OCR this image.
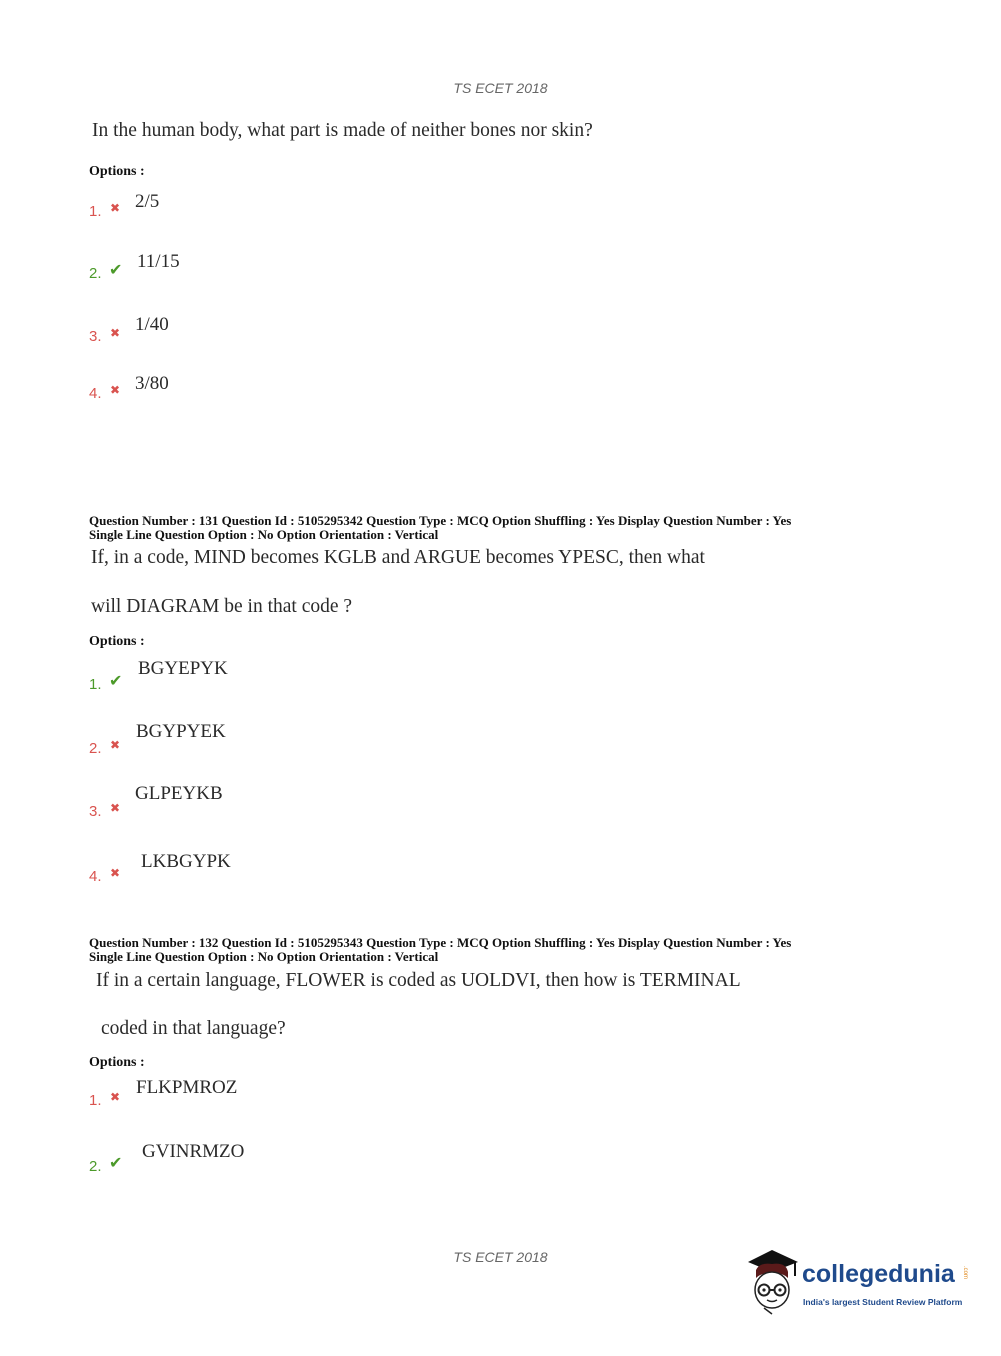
TS ECET 2018
In the human body, what part is made of neither bones nor skin?
Options :
1. ✖ 2/5
2. ✔ 11/15
3. ✖ 1/40
4. ✖ 3/80
Question Number : 131 Question Id : 5105295342 Question Type : MCQ Option Shuffling : Yes Display Question Number : Yes
Single Line Question Option : No Option Orientation : Vertical
If, in a code, MIND becomes KGLB and ARGUE becomes YPESC, then what
will DIAGRAM be in that code ?
Options :
1. ✔
BGYEPYK
2. ✖
BGYPYEK
3. ✖
GLPEYKB
4. ✖
LKBGYPK
Question Number : 132 Question Id : 5105295343 Question Type : MCQ Option Shuffling : Yes Display Question Number : Yes
Single Line Question Option : No Option Orientation : Vertical
If in a certain language, FLOWER is coded as UOLDVI, then how is TERMINAL
coded in that language?
Options :
1. ✖ FLKPMROZ
2. ✔
GVINRMZO
TS ECET 2018
collegedunia .com
India's largest Student Review Platform
